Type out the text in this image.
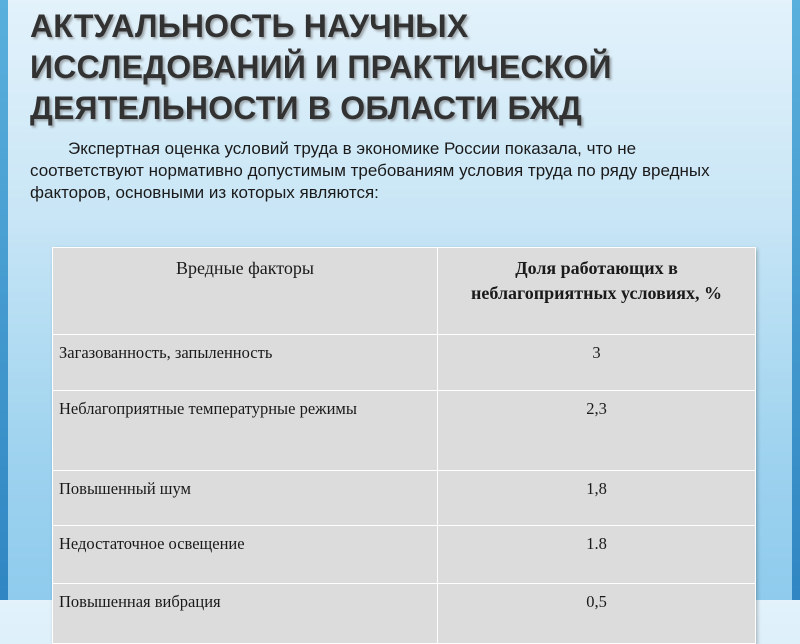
АКТУАЛЬНОСТЬ НАУЧНЫХ
ИССЛЕДОВАНИЙ И ПРАКТИЧЕСКОЙ
ДЕЯТЕЛЬНОСТИ В ОБЛАСТИ БЖД

Экспертная оценка условий труда в экономике России показала, что не соответствуют нормативно допустимым требованиям условия труда по ряду вредных факторов, основными из которых являются:

Вредные факторы	Доля работающих в неблагоприятных условиях, %
Загазованность, запыленность	3
Неблагоприятные температурные режимы	2,3
Повышенный шум	1,8
Недостаточное освещение	1.8
Повышенная вибрация	0,5
